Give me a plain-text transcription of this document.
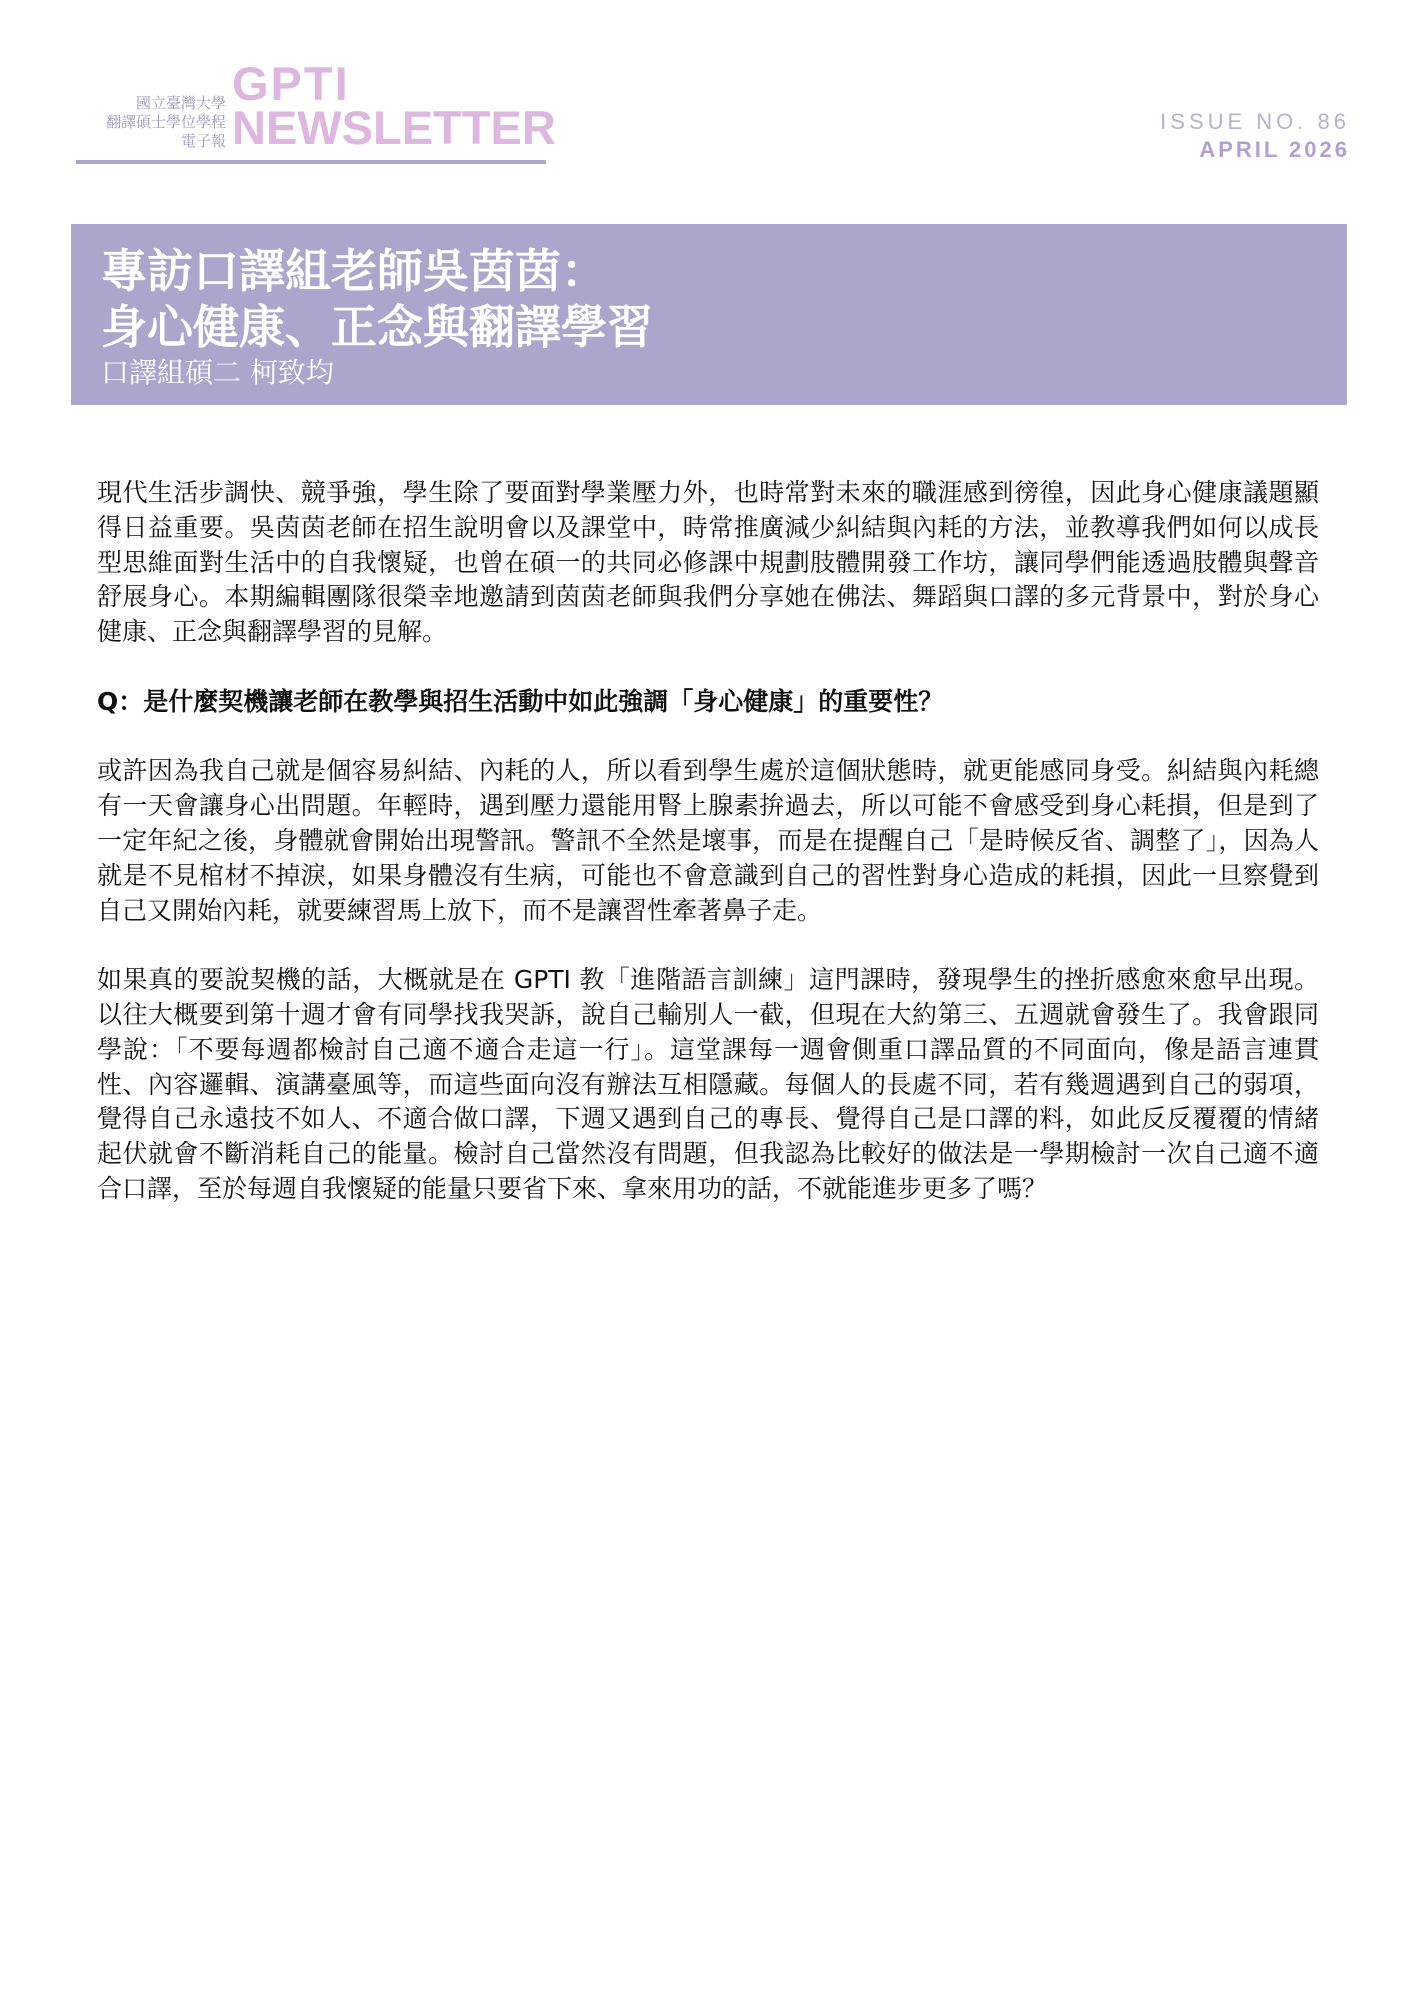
國立臺灣大學
翻譯碩士學位學程
電子報
GPTI
NEWSLETTER	ISSUE NO. 86
APRIL 2026
專訪口譯組老師吳茵茵：
身心健康、正念與翻譯學習
口譯組碩二 柯致均

現代生活步調快、競爭強，學生除了要面對學業壓力外，也時常對未來的職涯感到徬徨，因此身心健康議題顯得日益重要。吳茵茵老師在招生說明會以及課堂中，時常推廣減少糾結與內耗的方法，並教導我們如何以成長型思維面對生活中的自我懷疑，也曾在碩一的共同必修課中規劃肢體開發工作坊，讓同學們能透過肢體與聲音舒展身心。本期編輯團隊很榮幸地邀請到茵茵老師與我們分享她在佛法、舞蹈與口譯的多元背景中，對於身心健康、正念與翻譯學習的見解。

Q：是什麼契機讓老師在教學與招生活動中如此強調「身心健康」的重要性？

或許因為我自己就是個容易糾結、內耗的人，所以看到學生處於這個狀態時，就更能感同身受。糾結與內耗總有一天會讓身心出問題。年輕時，遇到壓力還能用腎上腺素拚過去，所以可能不會感受到身心耗損，但是到了一定年紀之後，身體就會開始出現警訊。警訊不全然是壞事，而是在提醒自己「是時候反省、調整了」，因為人就是不見棺材不掉淚，如果身體沒有生病，可能也不會意識到自己的習性對身心造成的耗損，因此一旦察覺到自己又開始內耗，就要練習馬上放下，而不是讓習性牽著鼻子走。

如果真的要說契機的話，大概就是在 GPTI 教「進階語言訓練」這門課時，發現學生的挫折感愈來愈早出現。以往大概要到第十週才會有同學找我哭訴，說自己輸別人一截，但現在大約第三、五週就會發生了。我會跟同學說：「不要每週都檢討自己適不適合走這一行」。這堂課每一週會側重口譯品質的不同面向，像是語言連貫性、內容邏輯、演講臺風等，而這些面向沒有辦法互相隱藏。每個人的長處不同，若有幾週遇到自己的弱項，覺得自己永遠技不如人、不適合做口譯，下週又遇到自己的專長、覺得自己是口譯的料，如此反反覆覆的情緒起伏就會不斷消耗自己的能量。檢討自己當然沒有問題，但我認為比較好的做法是一學期檢討一次自己適不適合口譯，至於每週自我懷疑的能量只要省下來、拿來用功的話，不就能進步更多了嗎？
